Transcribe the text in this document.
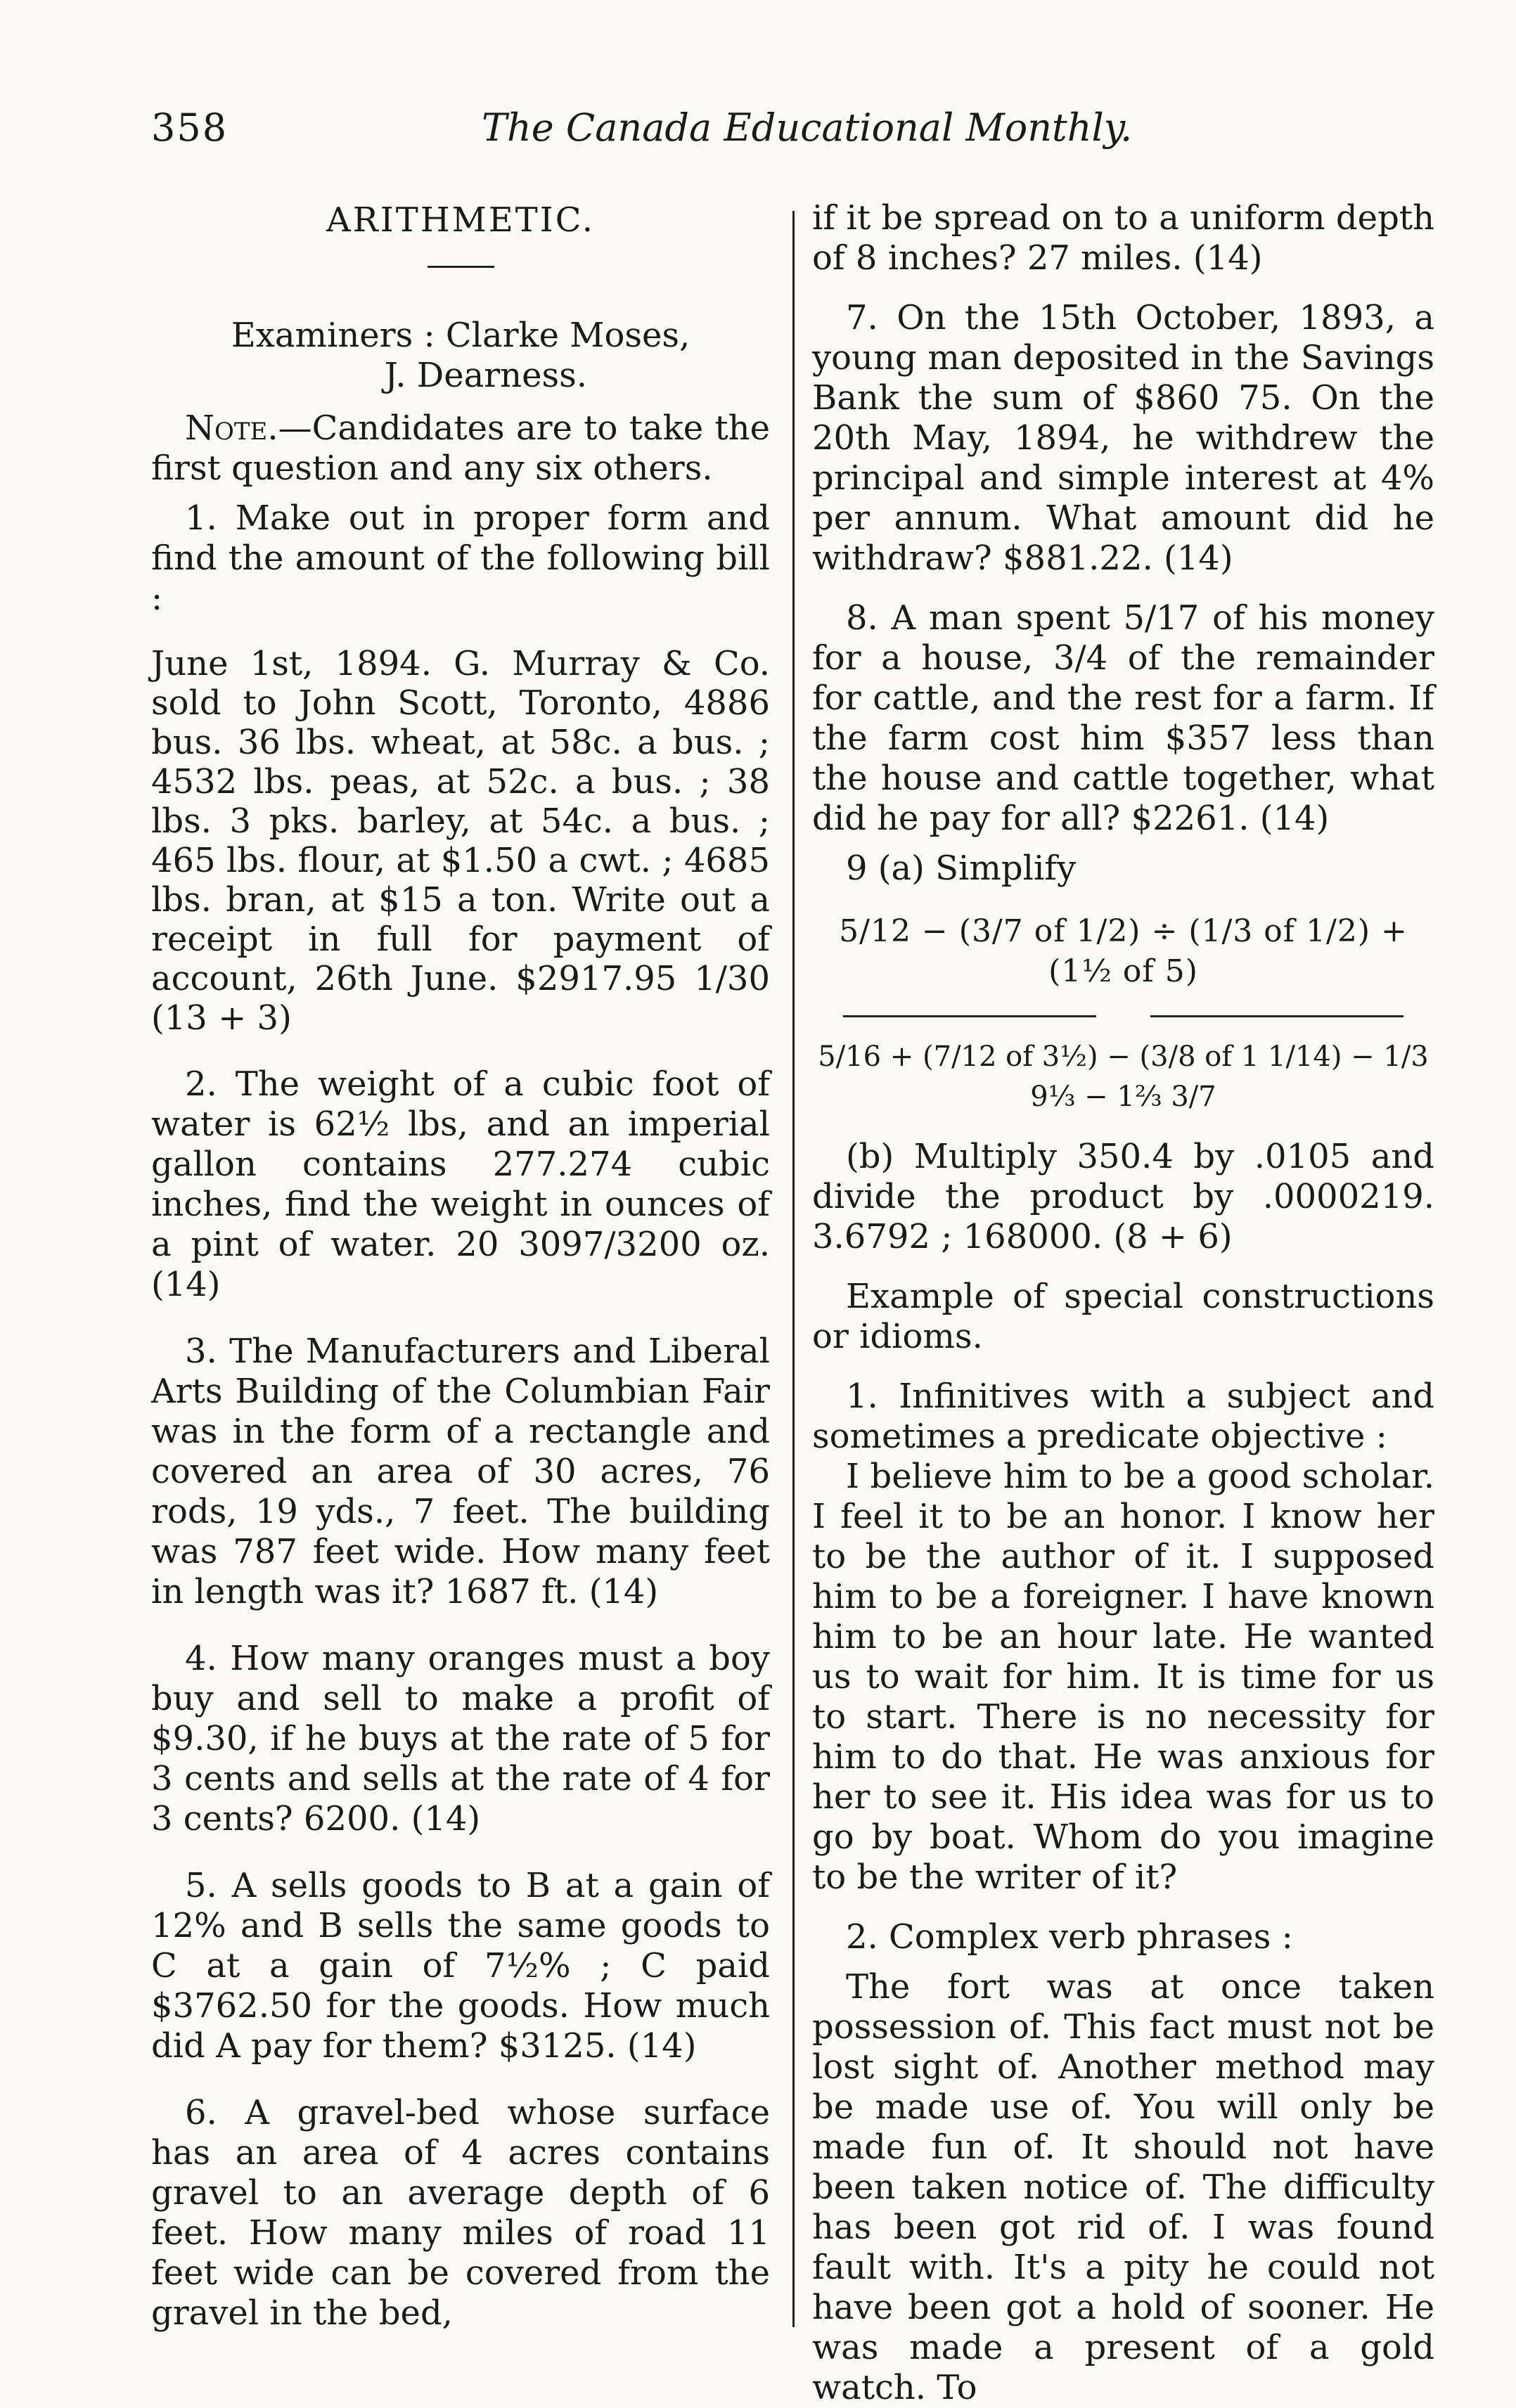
358	The Canada Educational Monthly.

ARITHMETIC.

Examiners : Clarke Moses,

J. Dearness.

Note.—Candidates are to take the first question and any six others.

1. Make out in proper form and find the amount of the following bill :

June 1st, 1894. G. Murray & Co. sold to John Scott, Toronto, 4886 bus. 36 lbs. wheat, at 58c. a bus. ; 4532 lbs. peas, at 52c. a bus. ; 38 lbs. 3 pks. barley, at 54c. a bus. ; 465 lbs. flour, at $1.50 a cwt. ; 4685 lbs. bran, at $15 a ton. Write out a receipt in full for payment of account, 26th June. $2917.95 1/30 (13 + 3)

2. The weight of a cubic foot of water is 62½ lbs, and an imperial gallon contains 277.274 cubic inches, find the weight in ounces of a pint of water. 20 3097/3200 oz. (14)

3. The Manufacturers and Liberal Arts Building of the Columbian Fair was in the form of a rectangle and covered an area of 30 acres, 76 rods, 19 yds., 7 feet. The building was 787 feet wide. How many feet in length was it? 1687 ft. (14)

4. How many oranges must a boy buy and sell to make a profit of $9.30, if he buys at the rate of 5 for 3 cents and sells at the rate of 4 for 3 cents? 6200. (14)

5. A sells goods to B at a gain of 12% and B sells the same goods to C at a gain of 7½% ; C paid $3762.50 for the goods. How much did A pay for them? $3125. (14)

6. A gravel-bed whose surface has an area of 4 acres contains gravel to an average depth of 6 feet. How many miles of road 11 feet wide can be covered from the gravel in the bed,

if it be spread on to a uniform depth of 8 inches? 27 miles. (14)

7. On the 15th October, 1893, a young man deposited in the Savings Bank the sum of $860 75. On the 20th May, 1894, he withdrew the principal and simple interest at 4% per annum. What amount did he withdraw? $881.22. (14)

8. A man spent 5/17 of his money for a house, 3/4 of the remainder for cattle, and the rest for a farm. If the farm cost him $357 less than the house and cattle together, what did he pay for all? $2261. (14)

9 (a) Simplify

5/12 − (3/7 of 1/2) ÷ (1/3 of 1/2) + (1½ of 5)

5/16 + (7/12 of 3½) − (3/8 of 1 1/14) − 1/3 9⅓ − 1⅔ 3/7

(b) Multiply 350.4 by .0105 and divide the product by .0000219. 3.6792 ; 168000. (8 + 6)

Example of special constructions or idioms.

1. Infinitives with a subject and sometimes a predicate objective :

I believe him to be a good scholar. I feel it to be an honor. I know her to be the author of it. I supposed him to be a foreigner. I have known him to be an hour late. He wanted us to wait for him. It is time for us to start. There is no necessity for him to do that. He was anxious for her to see it. His idea was for us to go by boat. Whom do you imagine to be the writer of it?

2. Complex verb phrases :

The fort was at once taken possession of. This fact must not be lost sight of. Another method may be made use of. You will only be made fun of. It should not have been taken notice of. The difficulty has been got rid of. I was found fault with. It's a pity he could not have been got a hold of sooner. He was made a present of a gold watch. To
